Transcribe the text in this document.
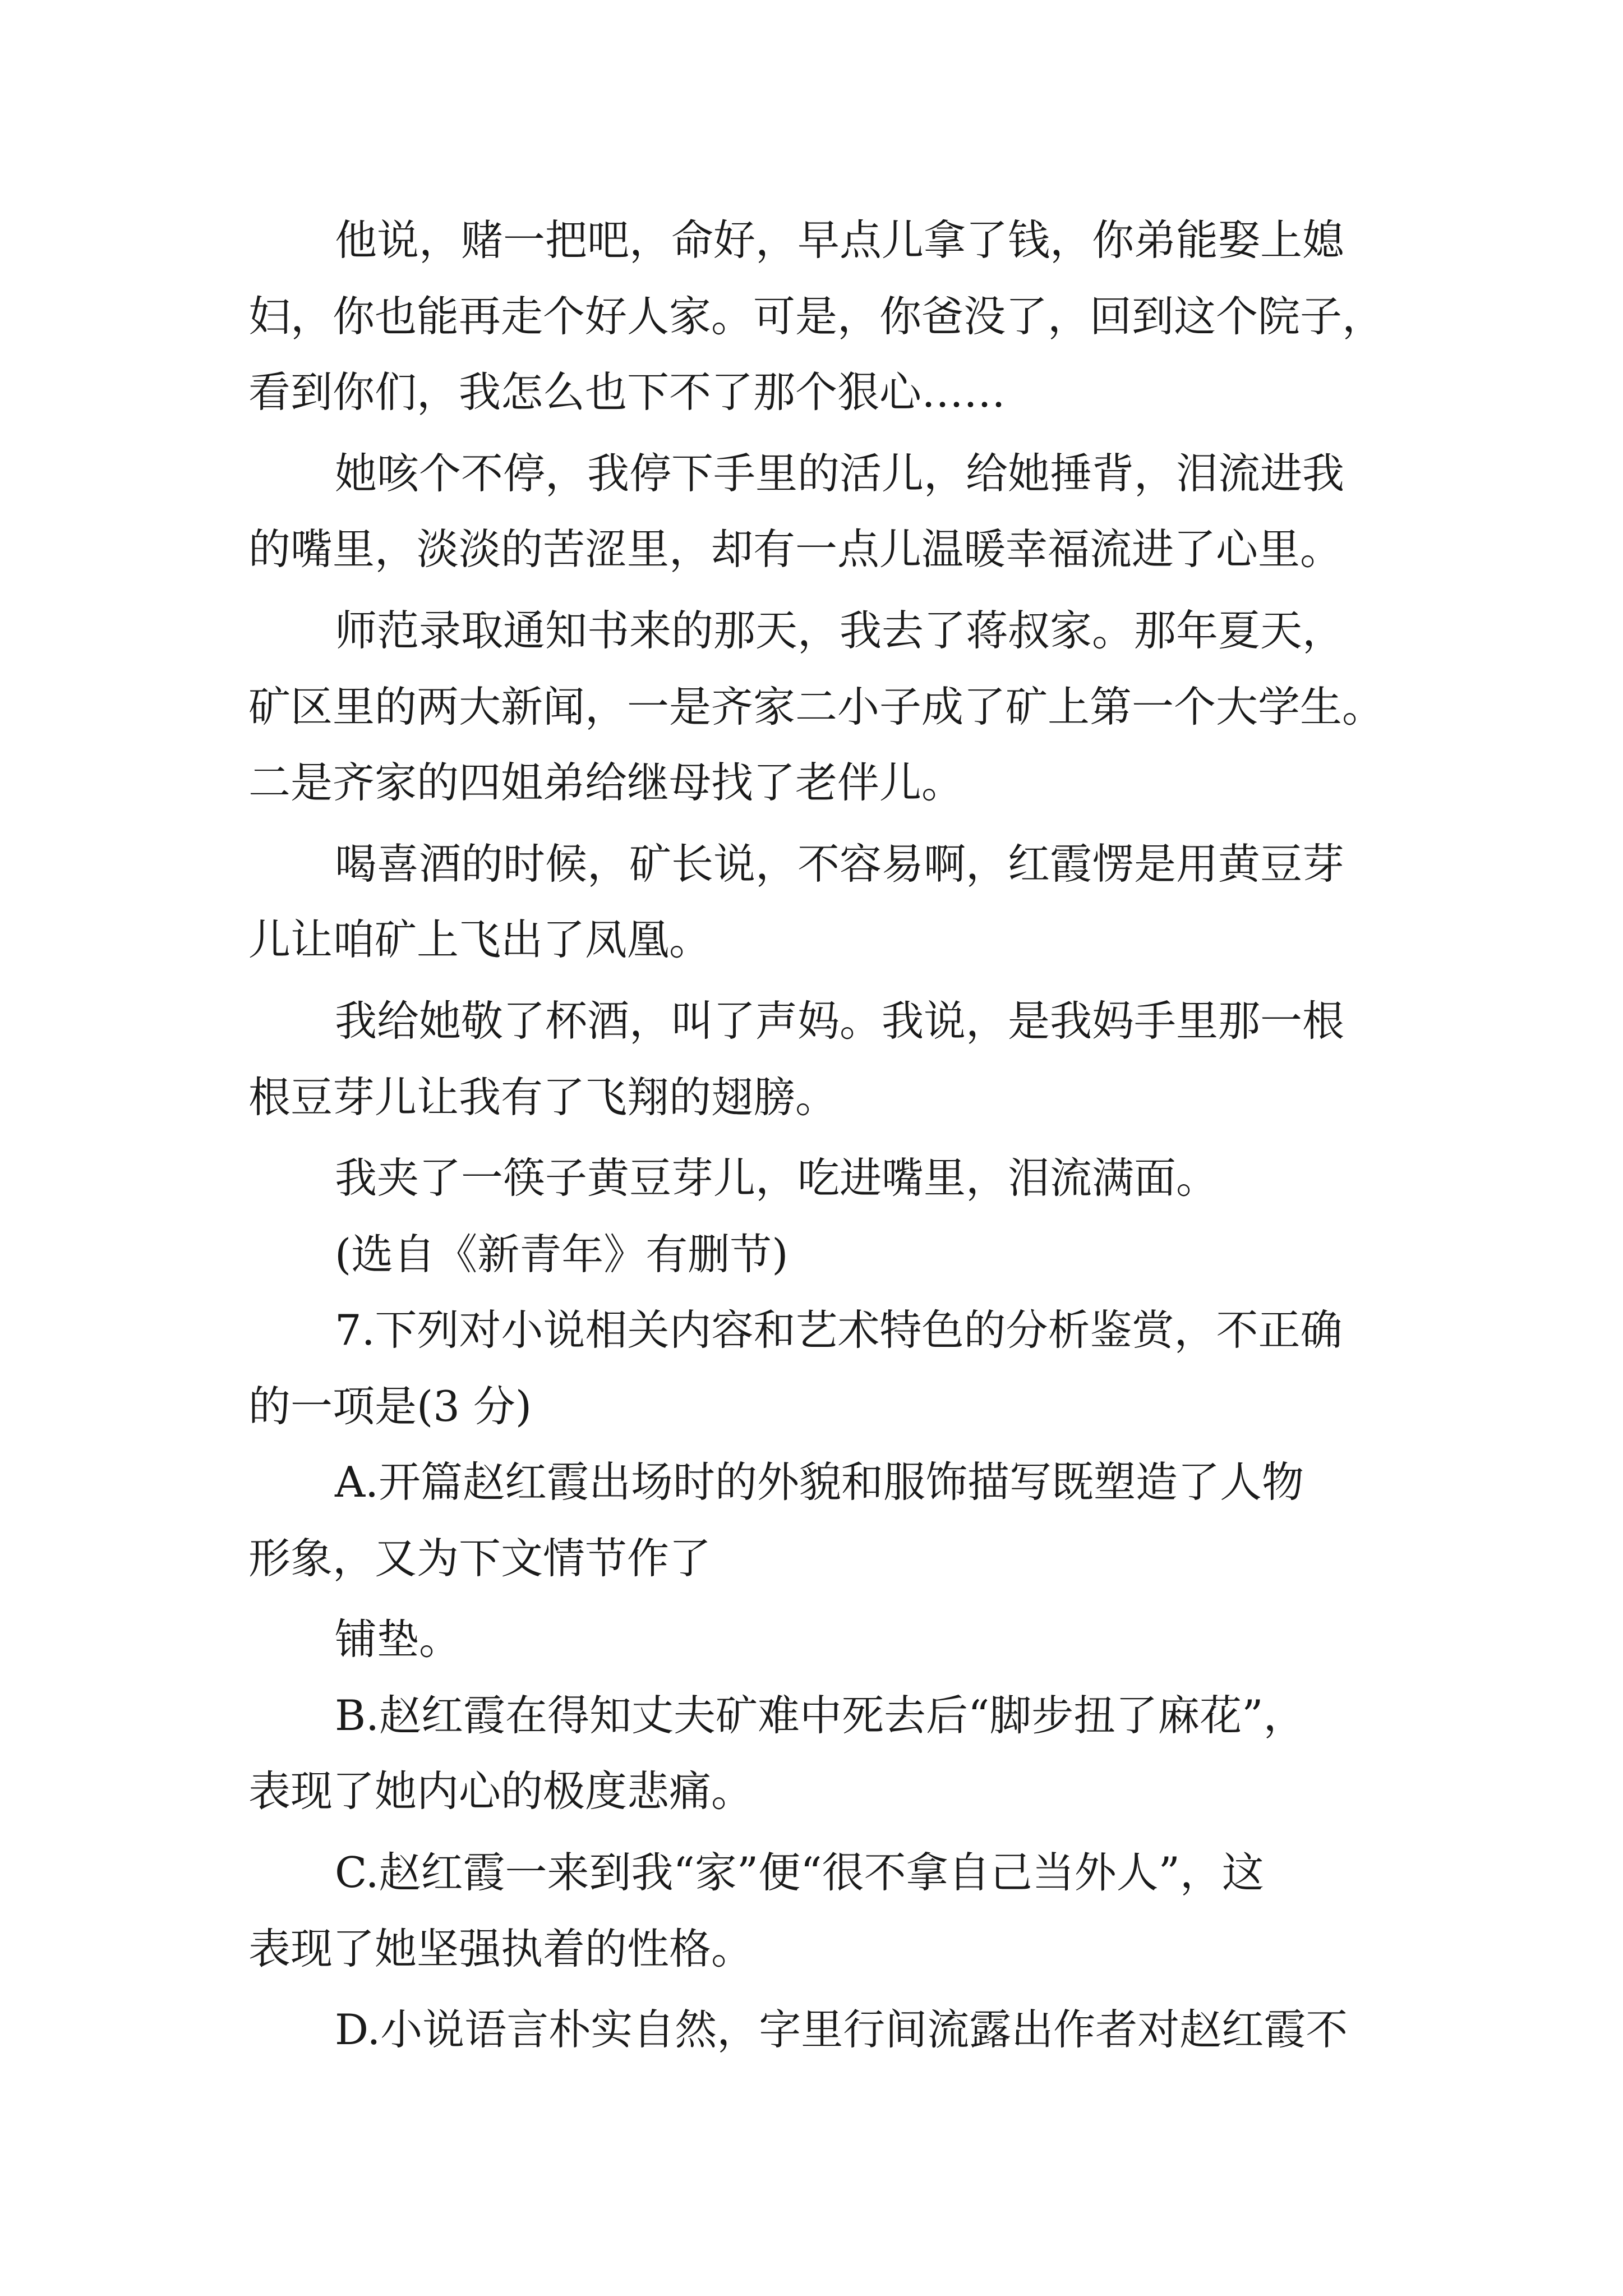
他说，赌一把吧，命好，早点儿拿了钱，你弟能娶上媳
妇，你也能再走个好人家。可是，你爸没了，回到这个院子，
看到你们，我怎么也下不了那个狠心……
她咳个不停，我停下手里的活儿，给她捶背，泪流进我
的嘴里，淡淡的苦涩里，却有一点儿温暖幸福流进了心里。
师范录取通知书来的那天，我去了蒋叔家。那年夏天，
矿区里的两大新闻，一是齐家二小子成了矿上第一个大学生。
二是齐家的四姐弟给继母找了老伴儿。
喝喜酒的时候，矿长说，不容易啊，红霞愣是用黄豆芽
儿让咱矿上飞出了凤凰。
我给她敬了杯酒，叫了声妈。我说，是我妈手里那一根
根豆芽儿让我有了飞翔的翅膀。
我夹了一筷子黄豆芽儿，吃进嘴里，泪流满面。
(选自《新青年》有删节)
7.下列对小说相关内容和艺术特色的分析鉴赏，不正确
的一项是(3 分)
A.开篇赵红霞出场时的外貌和服饰描写既塑造了人物
形象，又为下文情节作了
铺垫。
B.赵红霞在得知丈夫矿难中死去后“脚步扭了麻花”，
表现了她内心的极度悲痛。
C.赵红霞一来到我“家”便“很不拿自己当外人”，这
表现了她坚强执着的性格。
D.小说语言朴实自然，字里行间流露出作者对赵红霞不
